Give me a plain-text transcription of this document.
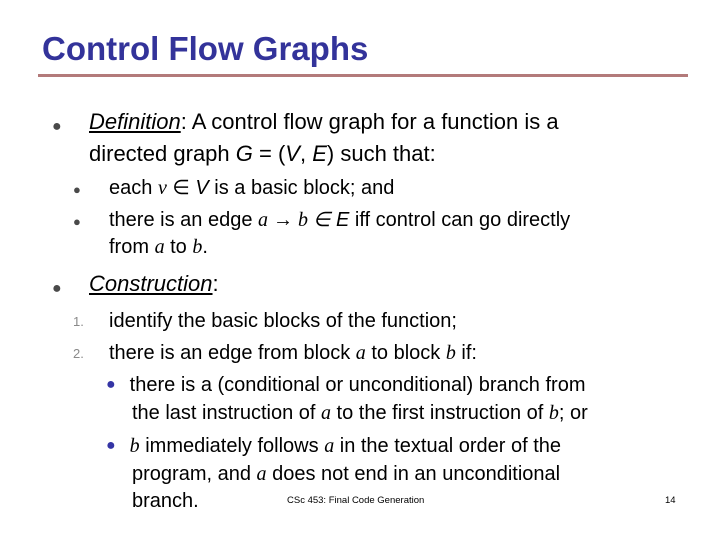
Control Flow Graphs
● Definition: A control flow graph for a function is a
directed graph G = (V, E) such that:
● each v ∈ V is a basic block; and
● there is an edge a → b ∈ E iff control can go directly
from a to b.
● Construction:
1. identify the basic blocks of the function;
2. there is an edge from block a to block b if:
● there is a (conditional or unconditional) branch from
the last instruction of a to the first instruction of b; or
● b immediately follows a in the textual order of the
program, and a does not end in an unconditional
branch.	CSc 453: Final Code Generation	14
